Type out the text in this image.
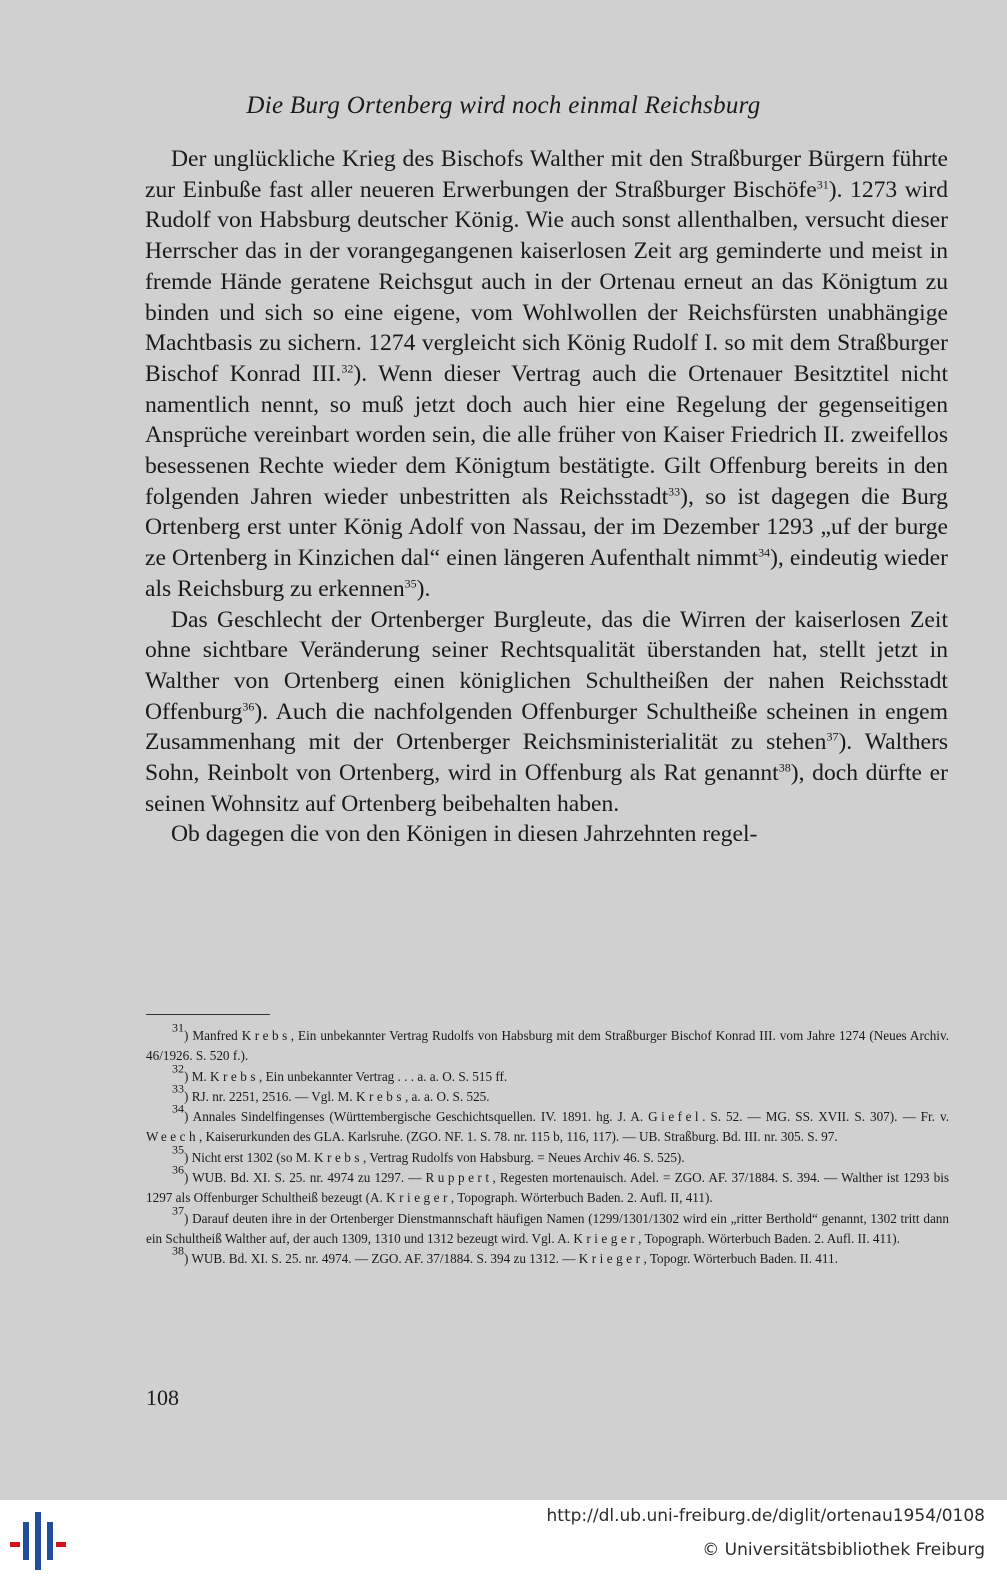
Die Burg Ortenberg wird noch einmal Reichsburg

Der unglückliche Krieg des Bischofs Walther mit den Straßburger Bürgern führte zur Einbuße fast aller neueren Erwerbungen der Straßburger Bischöfe$^{31}$). 1273 wird Rudolf von Habsburg deutscher König. Wie auch sonst allenthalben, versucht dieser Herrscher das in der vorangegangenen kaiserlosen Zeit arg geminderte und meist in fremde Hände geratene Reichsgut auch in der Ortenau erneut an das Königtum zu binden und sich so eine eigene, vom Wohlwollen der Reichsfürsten unabhängige Machtbasis zu sichern. 1274 vergleicht sich König Rudolf I. so mit dem Straßburger Bischof Konrad III.$^{32}$). Wenn dieser Vertrag auch die Ortenauer Besitztitel nicht namentlich nennt, so muß jetzt doch auch hier eine Regelung der gegenseitigen Ansprüche vereinbart worden sein, die alle früher von Kaiser Friedrich II. zweifellos besessenen Rechte wieder dem Königtum bestätigte. Gilt Offenburg bereits in den folgenden Jahren wieder unbestritten als Reichsstadt$^{33}$), so ist dagegen die Burg Ortenberg erst unter König Adolf von Nassau, der im Dezember 1293 „uf der burge ze Ortenberg in Kinzichen dal“ einen längeren Aufenthalt nimmt$^{34}$), eindeutig wieder als Reichsburg zu erkennen$^{35}$).

Das Geschlecht der Ortenberger Burgleute, das die Wirren der kaiserlosen Zeit ohne sichtbare Veränderung seiner Rechtsqualität überstanden hat, stellt jetzt in Walther von Ortenberg einen königlichen Schultheißen der nahen Reichsstadt Offenburg$^{36}$). Auch die nachfolgenden Offenburger Schultheiße scheinen in engem Zusammenhang mit der Ortenberger Reichsministerialität zu stehen$^{37}$). Walthers Sohn, Reinbolt von Ortenberg, wird in Offenburg als Rat genannt$^{38}$), doch dürfte er seinen Wohnsitz auf Ortenberg beibehalten haben.

Ob dagegen die von den Königen in diesen Jahrzehnten regel-

$^{31}$) Manfred Krebs, Ein unbekannter Vertrag Rudolfs von Habsburg mit dem Straßburger Bischof Konrad III. vom Jahre 1274 (Neues Archiv. 46/1926. S. 520 f.).

$^{32}$) M. Krebs, Ein unbekannter Vertrag . . . a. a. O. S. 515 ff.

$^{33}$) RJ. nr. 2251, 2516. — Vgl. M. Krebs, a. a. O. S. 525.

$^{34}$) Annales Sindelfingenses (Württembergische Geschichtsquellen. IV. 1891. hg. J. A. Giefel. S. 52. — MG. SS. XVII. S. 307). — Fr. v. Weech, Kaiserurkunden des GLA. Karlsruhe. (ZGO. NF. 1. S. 78. nr. 115 b, 116, 117). — UB. Straßburg. Bd. III. nr. 305. S. 97.

$^{35}$) Nicht erst 1302 (so M. Krebs, Vertrag Rudolfs von Habsburg. = Neues Archiv 46. S. 525).

$^{36}$) WUB. Bd. XI. S. 25. nr. 4974 zu 1297. — Ruppert, Regesten mortenauisch. Adel. = ZGO. AF. 37/1884. S. 394. — Walther ist 1293 bis 1297 als Offenburger Schultheiß bezeugt (A. Krieger, Topograph. Wörterbuch Baden. 2. Aufl. II, 411).

$^{37}$) Darauf deuten ihre in der Ortenberger Dienstmannschaft häufigen Namen (1299/1301/1302 wird ein „ritter Berthold“ genannt, 1302 tritt dann ein Schultheiß Walther auf, der auch 1309, 1310 und 1312 bezeugt wird. Vgl. A. Krieger, Topograph. Wörterbuch Baden. 2. Aufl. II. 411).

$^{38}$) WUB. Bd. XI. S. 25. nr. 4974. — ZGO. AF. 37/1884. S. 394 zu 1312. — Krieger, Topogr. Wörterbuch Baden. II. 411.

108
http://dl.ub.uni-freiburg.de/diglit/ortenau1954/0108
© Universitätsbibliothek Freiburg
